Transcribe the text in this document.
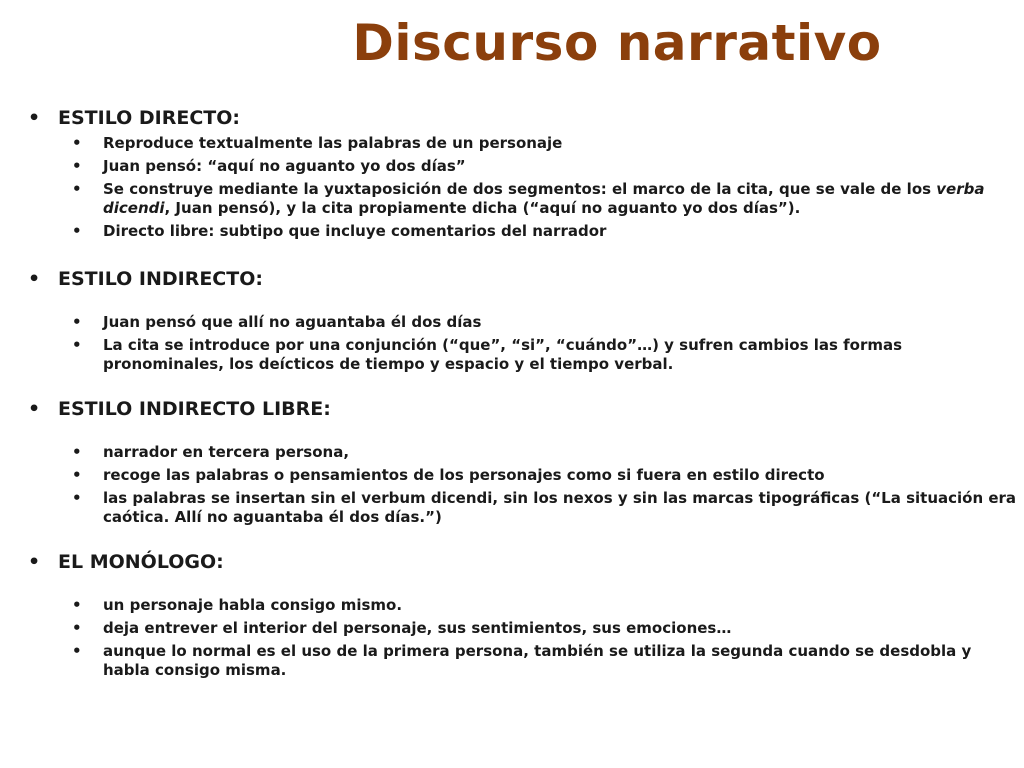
Discurso narrativo
• ESTILO DIRECTO:
• Reproduce textualmente las palabras de un personaje
• Juan pensó: “aquí no aguanto yo dos días”
• Se construye mediante la yuxtaposición de dos segmentos: el marco de la cita, que se vale de los verba dicendi, Juan pensó), y la cita propiamente dicha (“aquí no aguanto yo dos días”).
• Directo libre: subtipo que incluye comentarios del narrador
• ESTILO INDIRECTO:
• Juan pensó que allí no aguantaba él dos días
• La cita se introduce por una conjunción (“que”, “si”, “cuándo”…) y sufren cambios las formas pronominales, los deícticos de tiempo y espacio y el tiempo verbal.
• ESTILO INDIRECTO LIBRE:
• narrador en tercera persona,
• recoge las palabras o pensamientos de los personajes como si fuera en estilo directo
• las palabras se insertan sin el verbum dicendi, sin los nexos y sin las marcas tipográficas (“La situación era caótica. Allí no aguantaba él dos días.”)
• EL MONÓLOGO:
• un personaje habla consigo mismo.
• deja entrever el interior del personaje, sus sentimientos, sus emociones…
• aunque lo normal es el uso de la primera persona, también se utiliza la segunda cuando se desdobla y habla consigo misma.
